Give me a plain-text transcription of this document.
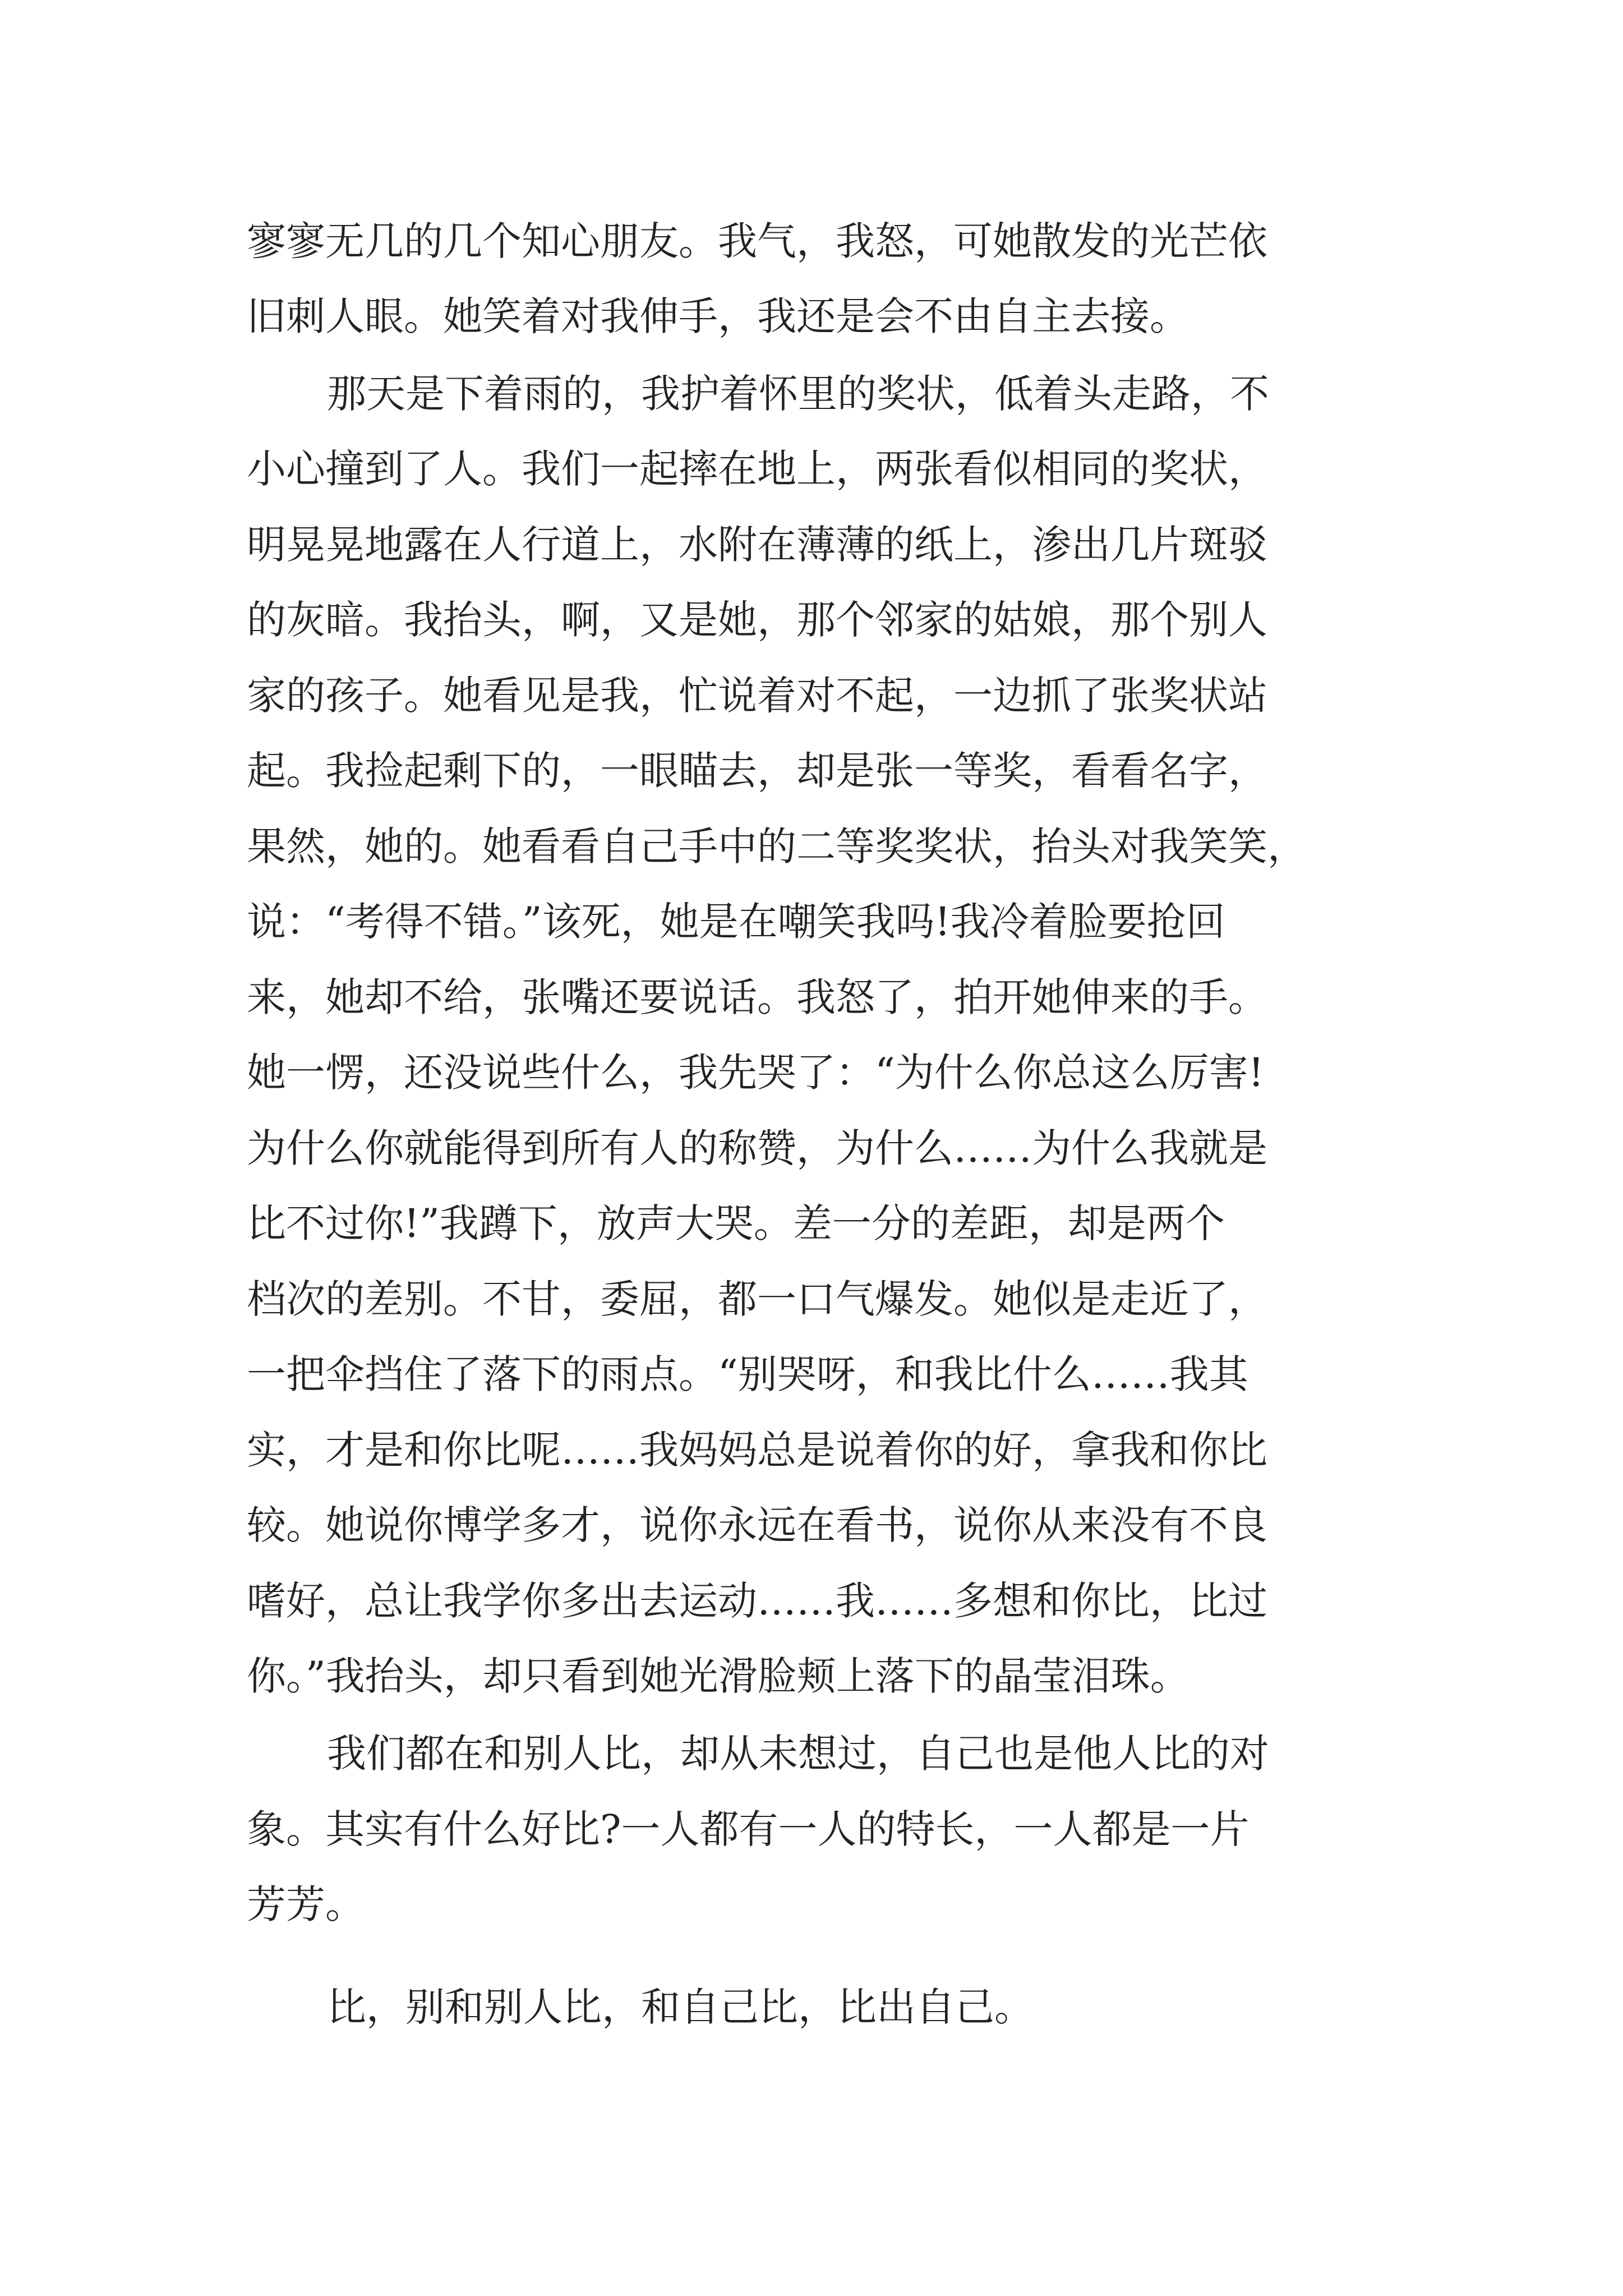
寥寥无几的几个知心朋友。我气，我怒，可她散发的光芒依

旧刺人眼。她笑着对我伸手，我还是会不由自主去接。

那天是下着雨的，我护着怀里的奖状，低着头走路，不

小心撞到了人。我们一起摔在地上，两张看似相同的奖状，

明晃晃地露在人行道上，水附在薄薄的纸上，渗出几片斑驳

的灰暗。我抬头，啊，又是她，那个邻家的姑娘，那个别人

家的孩子。她看见是我，忙说着对不起，一边抓了张奖状站

起。我捡起剩下的，一眼瞄去，却是张一等奖，看看名字，

果然，她的。她看看自己手中的二等奖奖状，抬头对我笑笑，

说：“考得不错。”该死，她是在嘲笑我吗!我冷着脸要抢回

来，她却不给，张嘴还要说话。我怒了，拍开她伸来的手。

她一愣，还没说些什么，我先哭了：“为什么你总这么厉害!

为什么你就能得到所有人的称赞，为什么……为什么我就是

比不过你!”我蹲下，放声大哭。差一分的差距，却是两个

档次的差别。不甘，委屈，都一口气爆发。她似是走近了，

一把伞挡住了落下的雨点。“别哭呀，和我比什么……我其

实，才是和你比呢……我妈妈总是说着你的好，拿我和你比

较。她说你博学多才，说你永远在看书，说你从来没有不良

嗜好，总让我学你多出去运动……我……多想和你比，比过

你。”我抬头，却只看到她光滑脸颊上落下的晶莹泪珠。

我们都在和别人比，却从未想过，自己也是他人比的对

象。其实有什么好比?一人都有一人的特长，一人都是一片

芳芳。

比，别和别人比，和自己比，比出自己。
